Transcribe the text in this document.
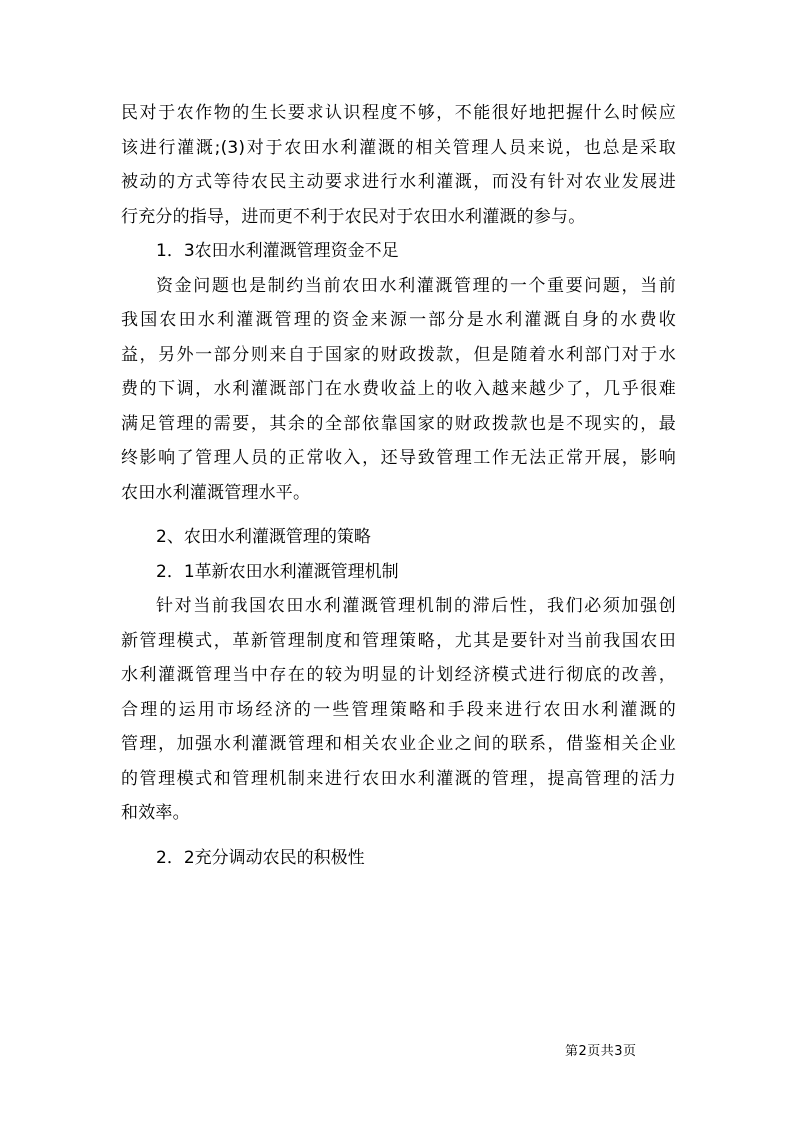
民对于农作物的生长要求认识程度不够，不能很好地把握什么时候应
该进行灌溉;(3)对于农田水利灌溉的相关管理人员来说，也总是采取
被动的方式等待农民主动要求进行水利灌溉，而没有针对农业发展进
行充分的指导，进而更不利于农民对于农田水利灌溉的参与。

1．3农田水利灌溉管理资金不足

资金问题也是制约当前农田水利灌溉管理的一个重要问题，当前
我国农田水利灌溉管理的资金来源一部分是水利灌溉自身的水费收
益，另外一部分则来自于国家的财政拨款，但是随着水利部门对于水
费的下调，水利灌溉部门在水费收益上的收入越来越少了，几乎很难
满足管理的需要，其余的全部依靠国家的财政拨款也是不现实的，最
终影响了管理人员的正常收入，还导致管理工作无法正常开展，影响
农田水利灌溉管理水平。

2、农田水利灌溉管理的策略

2．1革新农田水利灌溉管理机制

针对当前我国农田水利灌溉管理机制的滞后性，我们必须加强创
新管理模式，革新管理制度和管理策略，尤其是要针对当前我国农田
水利灌溉管理当中存在的较为明显的计划经济模式进行彻底的改善，
合理的运用市场经济的一些管理策略和手段来进行农田水利灌溉的
管理，加强水利灌溉管理和相关农业企业之间的联系，借鉴相关企业
的管理模式和管理机制来进行农田水利灌溉的管理，提高管理的活力
和效率。

2．2充分调动农民的积极性

第2页共3页
